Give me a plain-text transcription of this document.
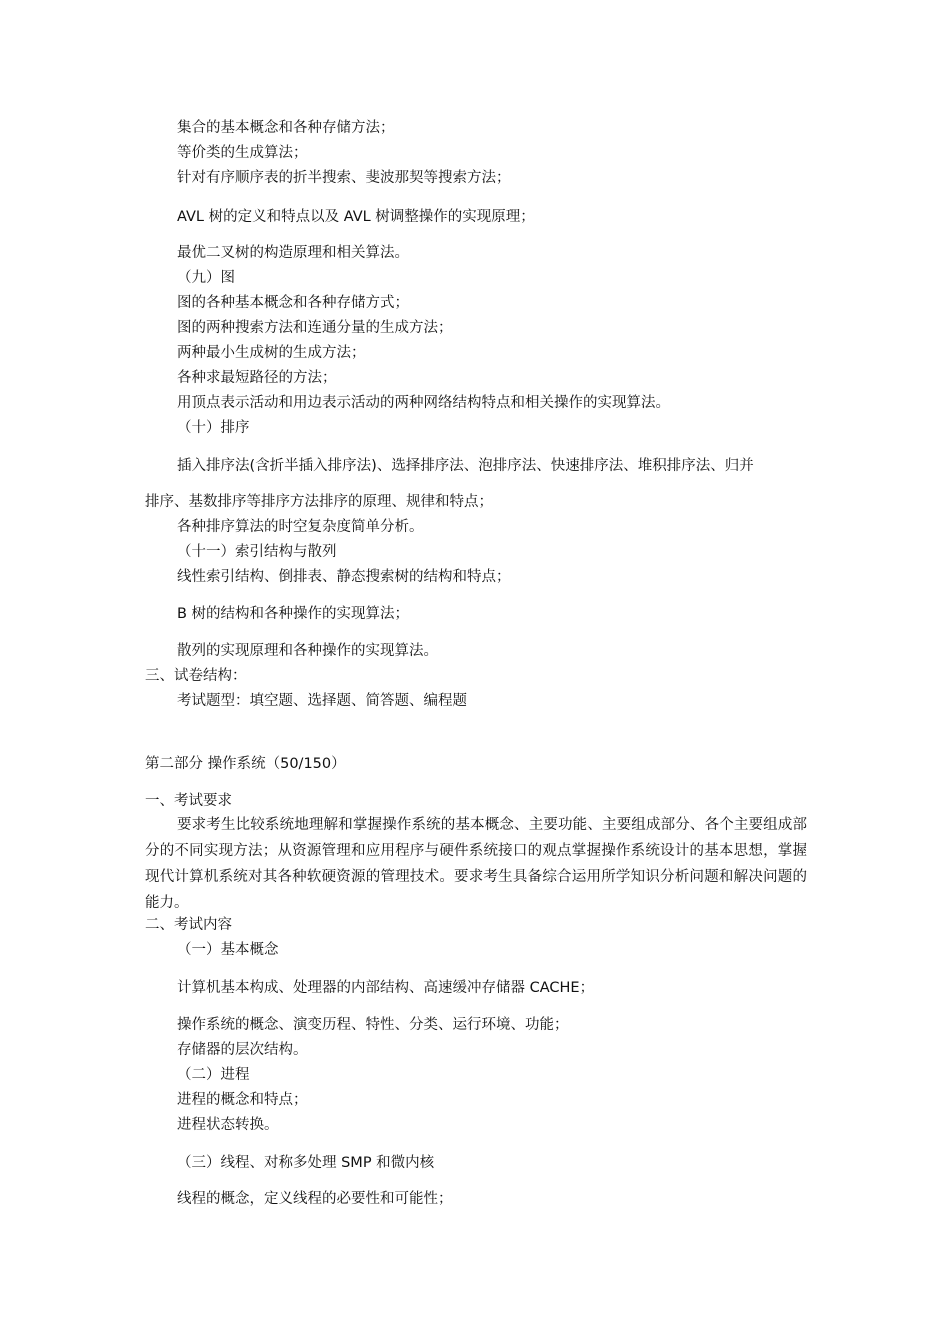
集合的基本概念和各种存储方法；
等价类的生成算法；
针对有序顺序表的折半搜索、斐波那契等搜索方法；
AVL 树的定义和特点以及 AVL 树调整操作的实现原理；
最优二叉树的构造原理和相关算法。
（九）图
图的各种基本概念和各种存储方式；
图的两种搜索方法和连通分量的生成方法；
两种最小生成树的生成方法；
各种求最短路径的方法；
用顶点表示活动和用边表示活动的两种网络结构特点和相关操作的实现算法。
（十）排序
插入排序法(含折半插入排序法)、选择排序法、泡排序法、快速排序法、堆积排序法、归并
排序、基数排序等排序方法排序的原理、规律和特点；
各种排序算法的时空复杂度简单分析。
（十一）索引结构与散列
线性索引结构、倒排表、静态搜索树的结构和特点；
B 树的结构和各种操作的实现算法；
散列的实现原理和各种操作的实现算法。
三、试卷结构：
考试题型：填空题、选择题、简答题、编程题
第二部分 操作系统（50/150）
一、考试要求

要求考生比较系统地理解和掌握操作系统的基本概念、主要功能、主要组成部分、各个主要组成部分的不同实现方法；从资源管理和应用程序与硬件系统接口的观点掌握操作系统设计的基本思想，掌握现代计算机系统对其各种软硬资源的管理技术。要求考生具备综合运用所学知识分析问题和解决问题的能力。

二、考试内容
（一）基本概念
计算机基本构成、处理器的内部结构、高速缓冲存储器 CACHE；
操作系统的概念、演变历程、特性、分类、运行环境、功能；
存储器的层次结构。
（二）进程
进程的概念和特点；
进程状态转换。
（三）线程、对称多处理 SMP 和微内核
线程的概念，定义线程的必要性和可能性；
